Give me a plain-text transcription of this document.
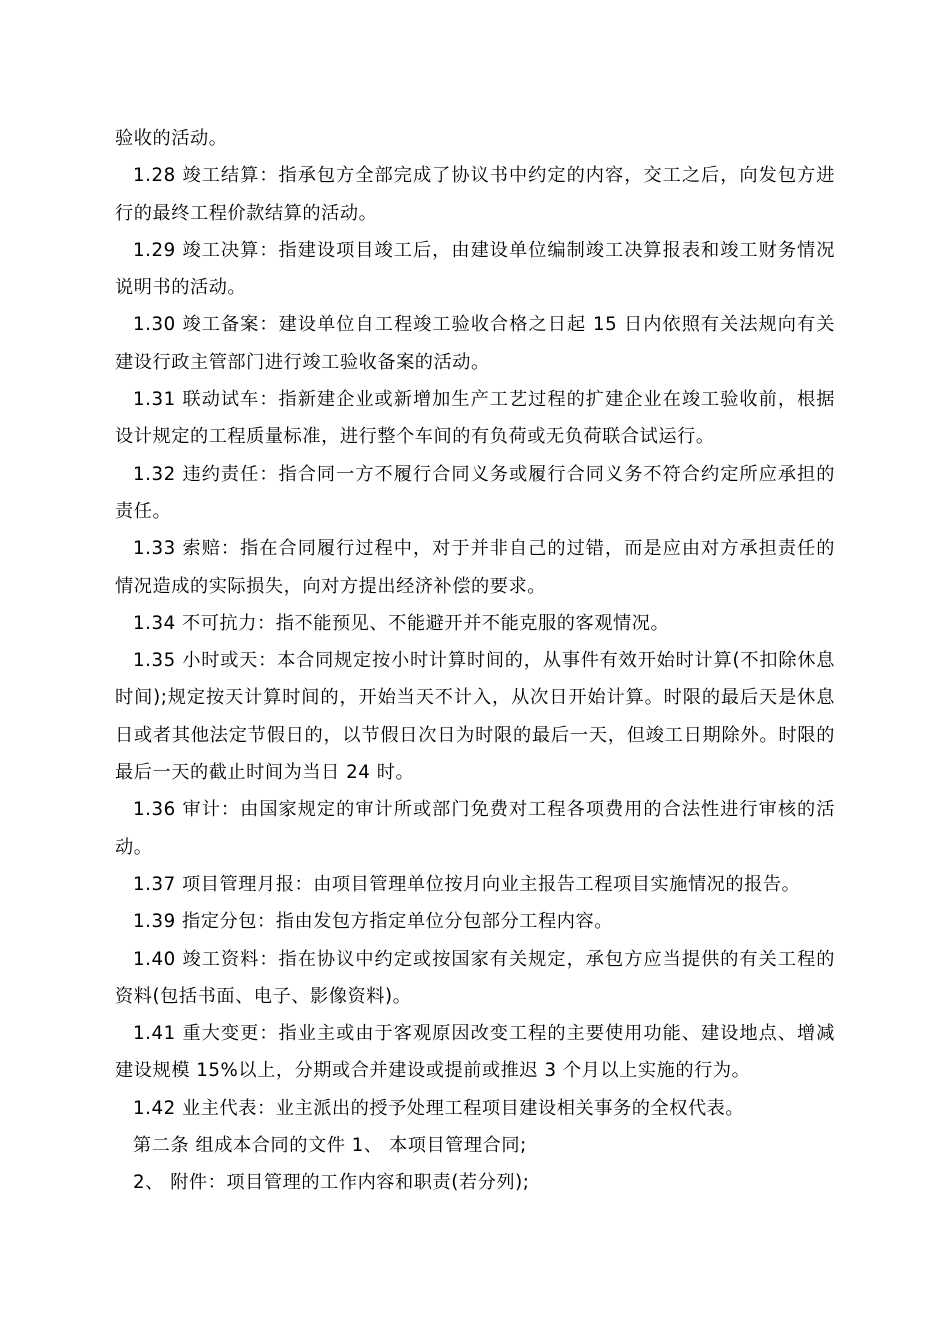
验收的活动。

1.28 竣工结算：指承包方全部完成了协议书中约定的内容，交工之后，向发包方进行的最终工程价款结算的活动。

1.29 竣工决算：指建设项目竣工后，由建设单位编制竣工决算报表和竣工财务情况说明书的活动。

1.30 竣工备案：建设单位自工程竣工验收合格之日起 15 日内依照有关法规向有关建设行政主管部门进行竣工验收备案的活动。

1.31 联动试车：指新建企业或新增加生产工艺过程的扩建企业在竣工验收前，根据设计规定的工程质量标准，进行整个车间的有负荷或无负荷联合试运行。

1.32 违约责任：指合同一方不履行合同义务或履行合同义务不符合约定所应承担的责任。

1.33 索赔：指在合同履行过程中，对于并非自己的过错，而是应由对方承担责任的情况造成的实际损失，向对方提出经济补偿的要求。

1.34 不可抗力：指不能预见、不能避开并不能克服的客观情况。

1.35 小时或天：本合同规定按小时计算时间的，从事件有效开始时计算(不扣除休息时间);规定按天计算时间的，开始当天不计入，从次日开始计算。时限的最后天是休息日或者其他法定节假日的，以节假日次日为时限的最后一天，但竣工日期除外。时限的最后一天的截止时间为当日 24 时。

1.36 审计：由国家规定的审计所或部门免费对工程各项费用的合法性进行审核的活动。

1.37 项目管理月报：由项目管理单位按月向业主报告工程项目实施情况的报告。

1.39 指定分包：指由发包方指定单位分包部分工程内容。

1.40 竣工资料：指在协议中约定或按国家有关规定，承包方应当提供的有关工程的资料(包括书面、电子、影像资料)。

1.41 重大变更：指业主或由于客观原因改变工程的主要使用功能、建设地点、增减建设规模 15%以上，分期或合并建设或提前或推迟 3 个月以上实施的行为。

1.42 业主代表：业主派出的授予处理工程项目建设相关事务的全权代表。

第二条 组成本合同的文件 1、 本项目管理合同;

2、 附件：项目管理的工作内容和职责(若分列);
